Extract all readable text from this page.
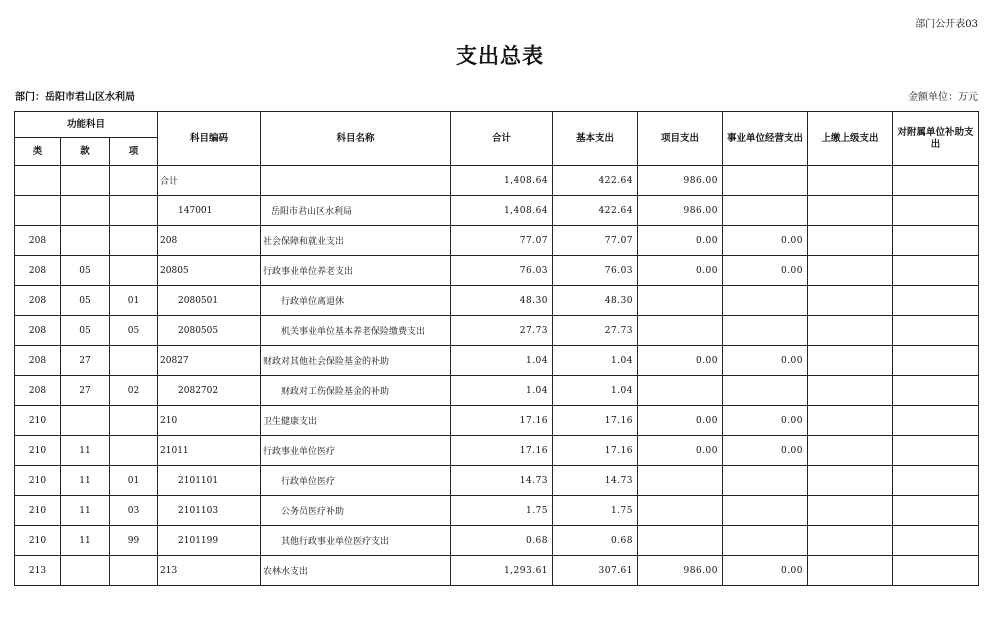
部门公开表03
支出总表
部门：岳阳市君山区水利局	金额单位：万元
功能科目			科目编码	科目名称	合计	基本支出	项目支出	事业单位经营支出	上缴上级支出	对附属单位补助支出
类	款	项								
			合计		1,408.64	422.64	986.00			
			147001	岳阳市君山区水利局	1,408.64	422.64	986.00			
208			208	社会保障和就业支出	77.07	77.07	0.00	0.00		
208	05		20805	行政事业单位养老支出	76.03	76.03	0.00	0.00		
208	05	01	2080501	行政单位离退休	48.30	48.30				
208	05	05	2080505	机关事业单位基本养老保险缴费支出	27.73	27.73				
208	27		20827	财政对其他社会保险基金的补助	1.04	1.04	0.00	0.00		
208	27	02	2082702	财政对工伤保险基金的补助	1.04	1.04				
210			210	卫生健康支出	17.16	17.16	0.00	0.00		
210	11		21011	行政事业单位医疗	17.16	17.16	0.00	0.00		
210	11	01	2101101	行政单位医疗	14.73	14.73				
210	11	03	2101103	公务员医疗补助	1.75	1.75				
210	11	99	2101199	其他行政事业单位医疗支出	0.68	0.68				
213			213	农林水支出	1,293.61	307.61	986.00	0.00		
